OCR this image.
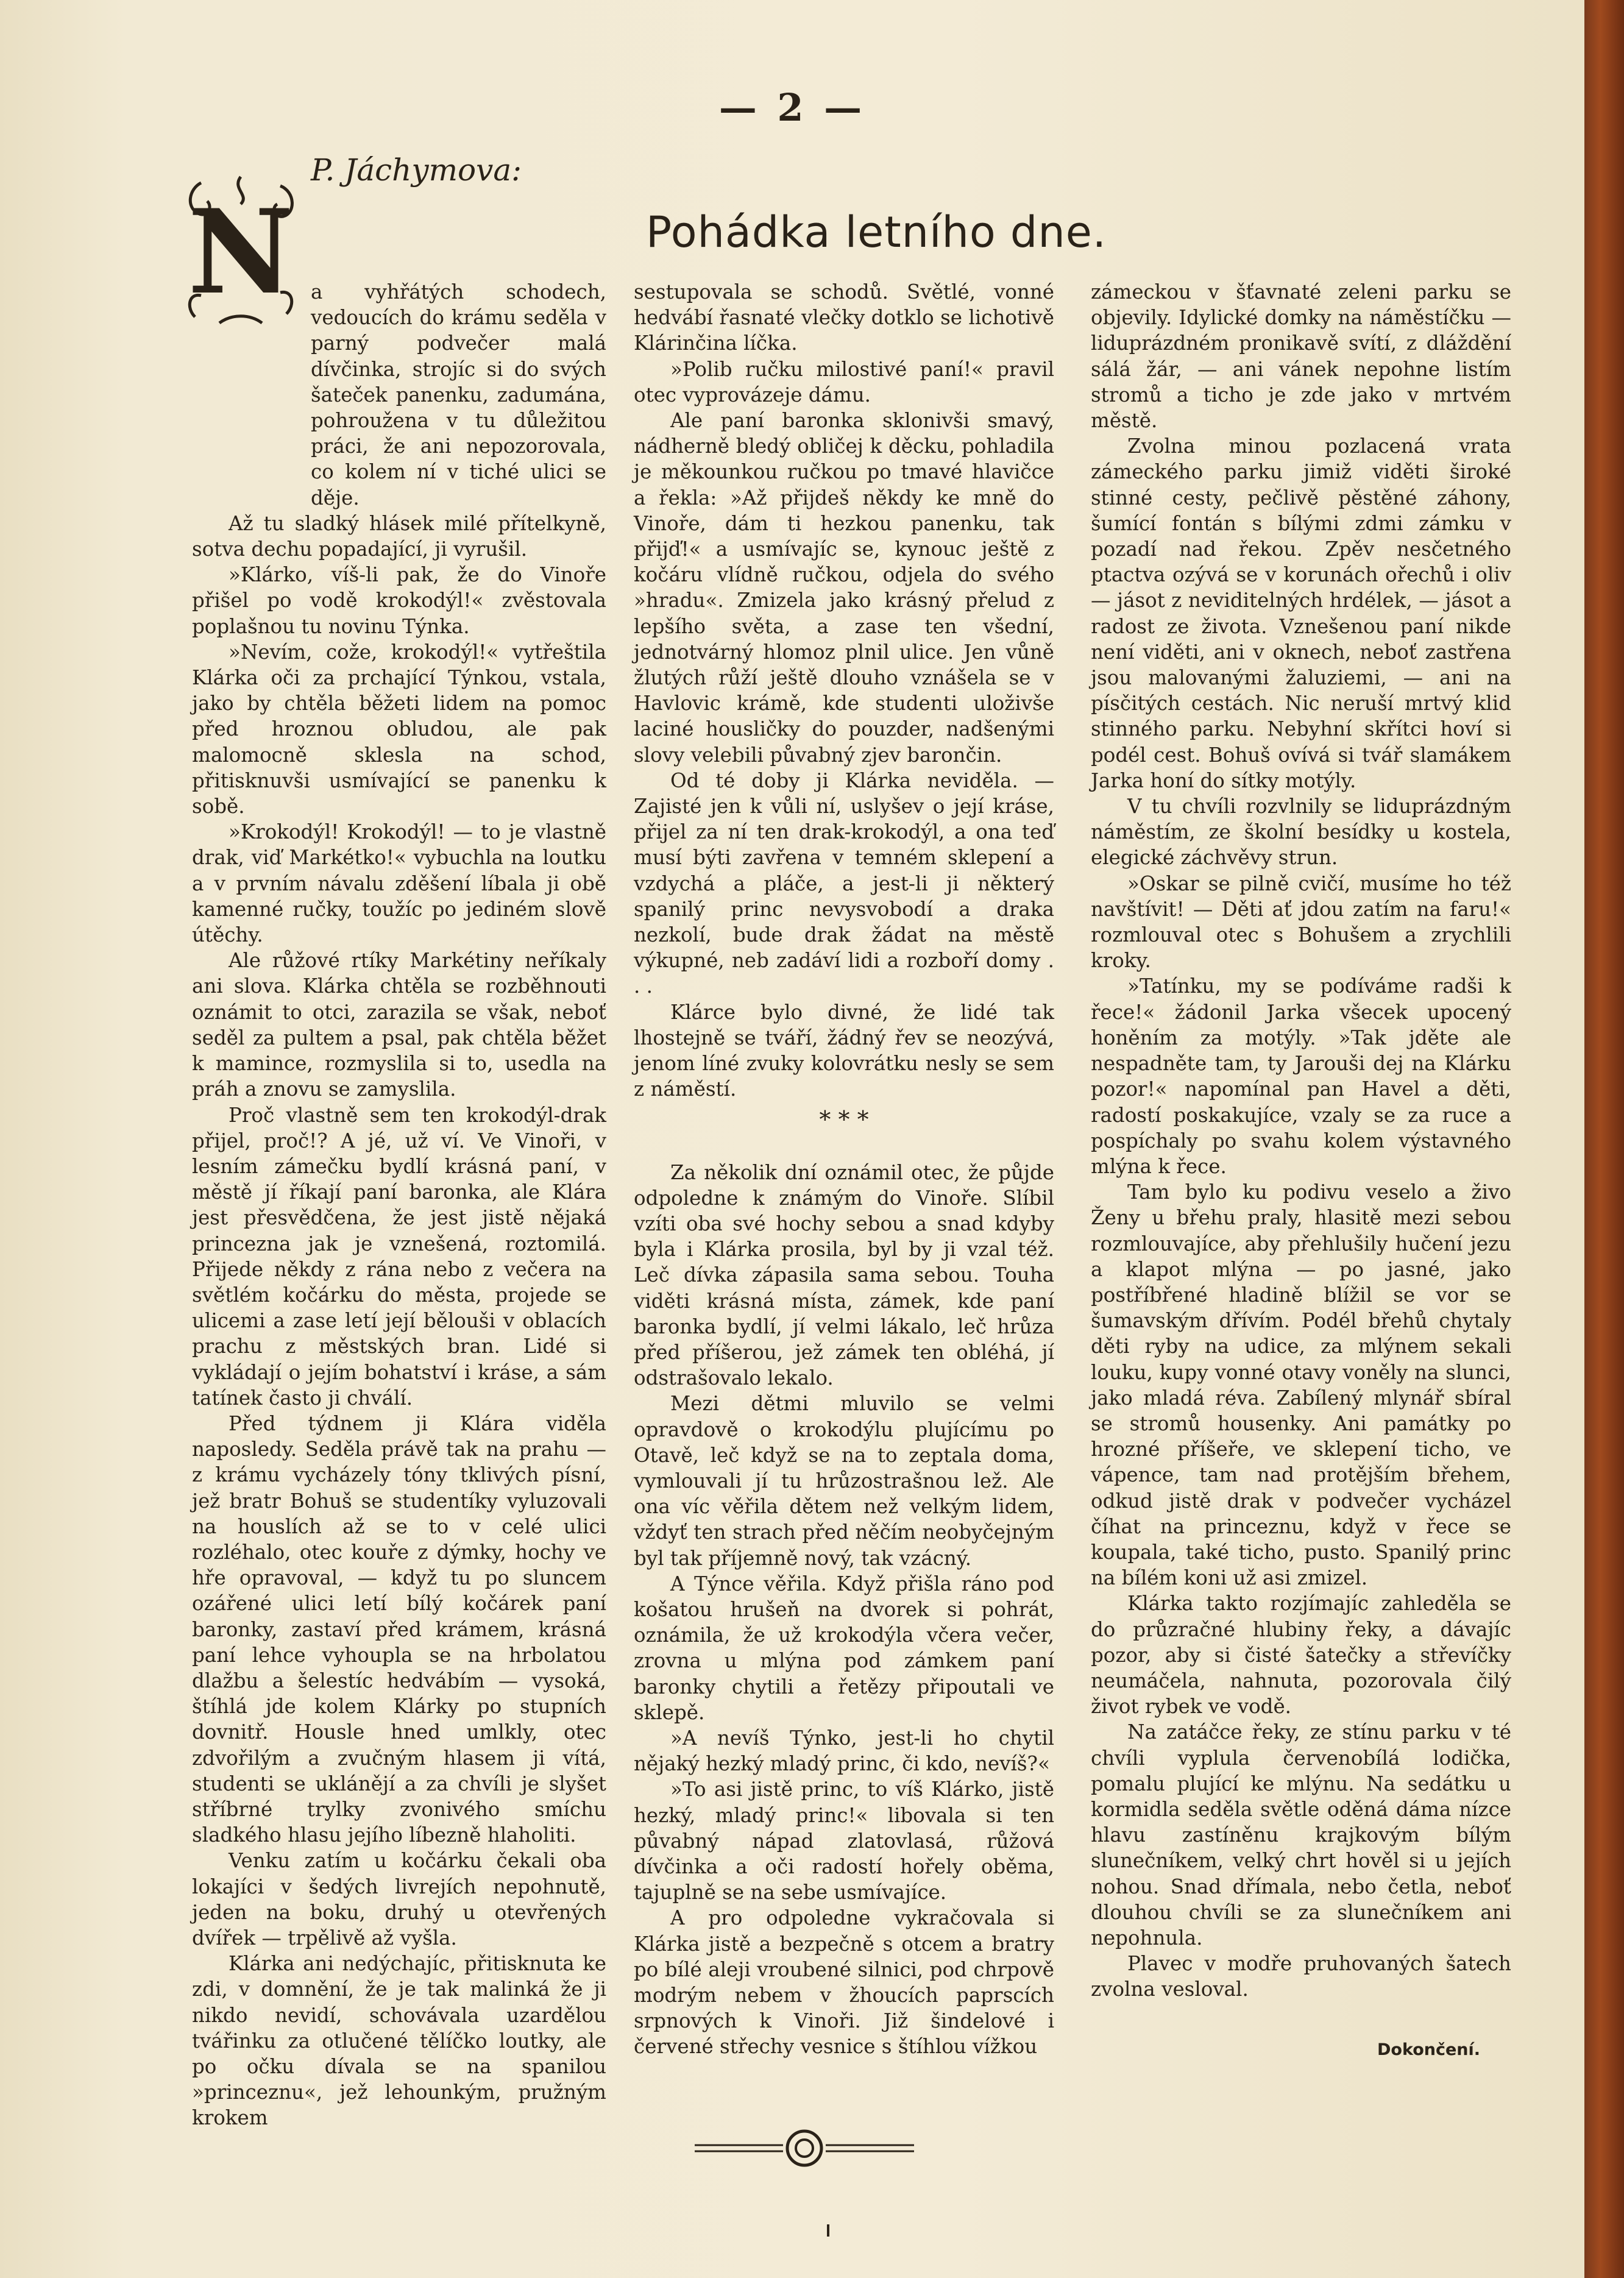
— 2 —
P. Jáchymova:
Pohádka letního dne.
N a vyhřátých schodech, vedoucích do krámu seděla v parný podvečer malá dívčinka, strojíc si do svých šateček panenku, zadumána, pohroužena v tu důležitou práci, že ani nepozorovala, co kolem ní v tiché ulici se děje.

Až tu sladký hlásek milé přítelkyně, sotva dechu popadající, ji vyrušil.

»Klárko, víš-li pak, že do Vinoře přišel po vodě krokodýl!« zvěstovala poplašnou tu novinu Týnka.

»Nevím, cože, krokodýl!« vytřeštila Klárka oči za prchající Týnkou, vstala, jako by chtěla běžeti lidem na pomoc před hroznou obludou, ale pak malomocně sklesla na schod, přitisknuvši usmívající se panenku k sobě.

»Krokodýl! Krokodýl! — to je vlastně drak, viď Markétko!« vybuchla na loutku a v prvním návalu zděšení líbala ji obě kamenné ručky, toužíc po jediném slově útěchy.

Ale růžové rtíky Markétiny neříkaly ani slova. Klárka chtěla se rozběhnouti oznámit to otci, zarazila se však, neboť seděl za pultem a psal, pak chtěla běžet k mamince, rozmyslila si to, usedla na práh a znovu se zamyslila.

Proč vlastně sem ten krokodýl-drak přijel, proč!? A jé, už ví. Ve Vinoři, v lesním zámečku bydlí krásná paní, v městě jí říkají paní baronka, ale Klára jest přesvědčena, že jest jistě nějaká princezna jak je vznešená, roztomilá. Přijede někdy z rána nebo z večera na světlém kočárku do města, projede se ulicemi a zase letí její bělouši v oblacích prachu z městských bran. Lidé si vykládají o jejím bohatství i kráse, a sám tatínek často ji chválí.

Před týdnem ji Klára viděla naposledy. Seděla právě tak na prahu — z krámu vycházely tóny tklivých písní, jež bratr Bohuš se studentíky vyluzovali na houslích až se to v celé ulici rozléhalo, otec kouře z dýmky, hochy ve hře opravoval, — když tu po sluncem ozářené ulici letí bílý kočárek paní baronky, zastaví před krámem, krásná paní lehce vyhoupla se na hrbolatou dlažbu a šelestíc hedvábím — vysoká, štíhlá jde kolem Klárky po stupních dovnitř. Housle hned umlkly, otec zdvořilým a zvučným hlasem ji vítá, studenti se uklánějí a za chvíli je slyšet stříbrné trylky zvonivého smíchu sladkého hlasu jejího líbezně hlaholiti.

Venku zatím u kočárku čekali oba lokajíci v šedých livrejích nepohnutě, jeden na boku, druhý u otevřených dvířek — trpělivě až vyšla.

Klárka ani nedýchajíc, přitisknuta ke zdi, v domnění, že je tak malinká že ji nikdo nevidí, schovávala uzardělou tvářinku za otlučené tělíčko loutky, ale po očku dívala se na spanilou »princeznu«, jež lehounkým, pružným krokem

sestupovala se schodů. Světlé, vonné hedvábí řasnaté vlečky dotklo se lichotivě Klárinčina líčka.

»Polib ručku milostivé paní!« pravil otec vyprovázeje dámu.

Ale paní baronka sklonivši smavý, nádherně bledý obličej k děcku, pohladila je měkounkou ručkou po tmavé hlavičce a řekla: »Až přijdeš někdy ke mně do Vinoře, dám ti hezkou panenku, tak přijď!« a usmívajíc se, kynouc ještě z kočáru vlídně ručkou, odjela do svého »hradu«. Zmizela jako krásný přelud z lepšího světa, a zase ten všední, jednotvárný hlomoz plnil ulice. Jen vůně žlutých růží ještě dlouho vznášela se v Havlovic krámě, kde studenti uloživše laciné housličky do pouzder, nadšenými slovy velebili půvabný zjev barončin.

Od té doby ji Klárka neviděla. — Zajisté jen k vůli ní, uslyšev o její kráse, přijel za ní ten drak-krokodýl, a ona teď musí býti zavřena v temném sklepení a vzdychá a pláče, a jest-li ji některý spanilý princ nevysvobodí a draka nezkolí, bude drak žádat na městě výkupné, neb zadáví lidi a rozboří domy . . .

Klárce bylo divné, že lidé tak lhostejně se tváří, žádný řev se neozývá, jenom líné zvuky kolovrátku nesly se sem z náměstí.

* * *

Za několik dní oznámil otec, že půjde odpoledne k známým do Vinoře. Slíbil vzíti oba své hochy sebou a snad kdyby byla i Klárka prosila, byl by ji vzal též. Leč dívka zápasila sama sebou. Touha viděti krásná místa, zámek, kde paní baronka bydlí, jí velmi lákalo, leč hrůza před příšerou, jež zámek ten obléhá, jí odstrašovalo lekalo.

Mezi dětmi mluvilo se velmi opravdově o krokodýlu plujícímu po Otavě, leč když se na to zeptala doma, vymlouvali jí tu hrůzostrašnou lež. Ale ona víc věřila dětem než velkým lidem, vždyť ten strach před něčím neobyčejným byl tak příjemně nový, tak vzácný.

A Týnce věřila. Když přišla ráno pod košatou hrušeň na dvorek si pohrát, oznámila, že už krokodýla včera večer, zrovna u mlýna pod zámkem paní baronky chytili a řetězy připoutali ve sklepě.

»A nevíš Týnko, jest-li ho chytil nějaký hezký mladý princ, či kdo, nevíš?«

»To asi jistě princ, to víš Klárko, jistě hezký, mladý princ!« libovala si ten půvabný nápad zlatovlasá, růžová dívčinka a oči radostí hořely oběma, tajuplně se na sebe usmívajíce.

A pro odpoledne vykračovala si Klárka jistě a bezpečně s otcem a bratry po bílé aleji vroubené silnici, pod chrpově modrým nebem v žhoucích paprscích srpnových k Vinoři. Již šindelové i červené střechy vesnice s štíhlou vížkou

zámeckou v šťavnaté zeleni parku se objevily. Idylické domky na náměstíčku — liduprázdném pronikavě svítí, z dláždění sálá žár, — ani vánek nepohne listím stromů a ticho je zde jako v mrtvém městě.

Zvolna minou pozlacená vrata zámeckého parku jimiž viděti široké stinné cesty, pečlivě pěstěné záhony, šumící fontán s bílými zdmi zámku v pozadí nad řekou. Zpěv nesčetného ptactva ozývá se v korunách ořechů i oliv — jásot z neviditelných hrdélek, — jásot a radost ze života. Vznešenou paní nikde není viděti, ani v oknech, neboť zastřena jsou malovanými žaluziemi, — ani na písčitých cestách. Nic neruší mrtvý klid stinného parku. Nebyhní skřítci hoví si podél cest. Bohuš ovívá si tvář slamákem Jarka honí do sítky motýly.

V tu chvíli rozvlnily se liduprázdným náměstím, ze školní besídky u kostela, elegické záchvěvy strun.

»Oskar se pilně cvičí, musíme ho též navštívit! — Děti ať jdou zatím na faru!« rozmlouval otec s Bohušem a zrychlili kroky.

»Tatínku, my se podíváme radši k řece!« žádonil Jarka všecek upocený honěním za motýly. »Tak jděte ale nespadněte tam, ty Jarouši dej na Klárku pozor!« napomínal pan Havel a děti, radostí poskakujíce, vzaly se za ruce a pospíchaly po svahu kolem výstavného mlýna k řece.

Tam bylo ku podivu veselo a živo Ženy u břehu praly, hlasitě mezi sebou rozmlouvajíce, aby přehlušily hučení jezu a klapot mlýna — po jasné, jako postříbřené hladině blížil se vor se šumavským dřívím. Podél břehů chytaly děti ryby na udice, za mlýnem sekali louku, kupy vonné otavy voněly na slunci, jako mladá réva. Zabílený mlynář sbíral se stromů housenky. Ani památky po hrozné příšeře, ve sklepení ticho, ve vápence, tam nad protějším břehem, odkud jistě drak v podvečer vycházel číhat na princeznu, když v řece se koupala, také ticho, pusto. Spanilý princ na bílém koni už asi zmizel.

Klárka takto rozjímajíc zahleděla se do průzračné hlubiny řeky, a dávajíc pozor, aby si čisté šatečky a střevíčky neumáčela, nahnuta, pozorovala čilý život rybek ve vodě.

Na zatáčce řeky, ze stínu parku v té chvíli vyplula červenobílá lodička, pomalu plující ke mlýnu. Na sedátku u kormidla seděla světle oděná dáma nízce hlavu zastíněnu krajkovým bílým slunečníkem, velký chrt hověl si u jejích nohou. Snad dřímala, nebo četla, neboť dlouhou chvíli se za slunečníkem ani nepohnula.

Plavec v modře pruhovaných šatech zvolna vesloval.

Dokončení.
